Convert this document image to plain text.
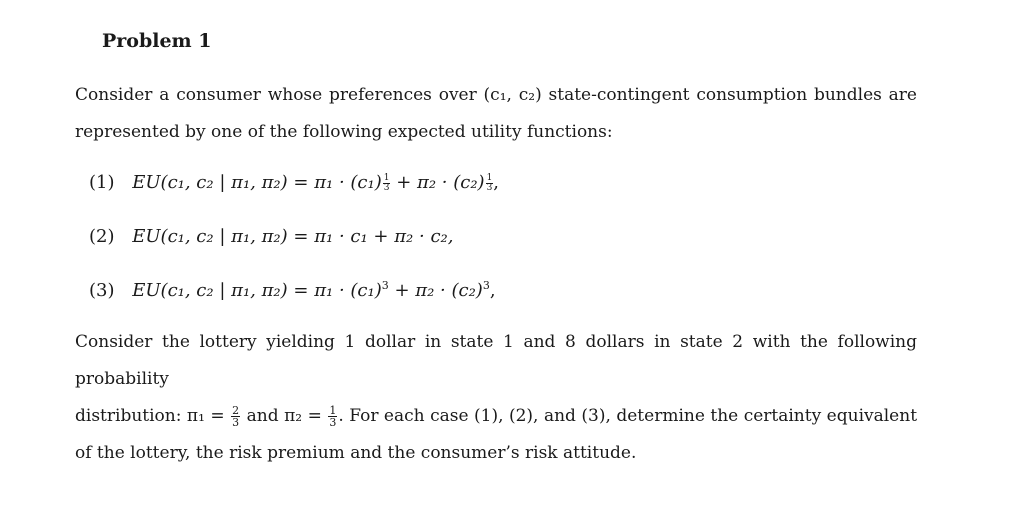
Problem 1

Consider a consumer whose preferences over (c₁, c₂) state-contingent consumption bundles are

represented by one of the following expected utility functions:

(1) EU(c₁, c₂ | π₁, $\pi_2) = \pi_1 \cdot (c_1) \frac{1}{3} + \pi_2 \cdot (c_2) \frac{1}{3}$ ,
(2) EU(c₁, c₂ | π₁, π₂) = π₁ · c₁ + π₂ · c₂,
(3) EU(c₁, c₂ | π₁, $\pi_2) = \pi_1 \cdot (c_1)^3 + \pi_2 \cdot (c_2)^3$,

Consider the lottery yielding 1 dollar in state 1 and 8 dollars in state 2 with the following probability

distribution: $\pi_1 = \frac{2}{3}$ and $\pi_2 = \frac{1}{3}$ . For each case (1), (2), and (3), determine the certainty equivalent

of the lottery, the risk premium and the consumer’s risk attitude.
